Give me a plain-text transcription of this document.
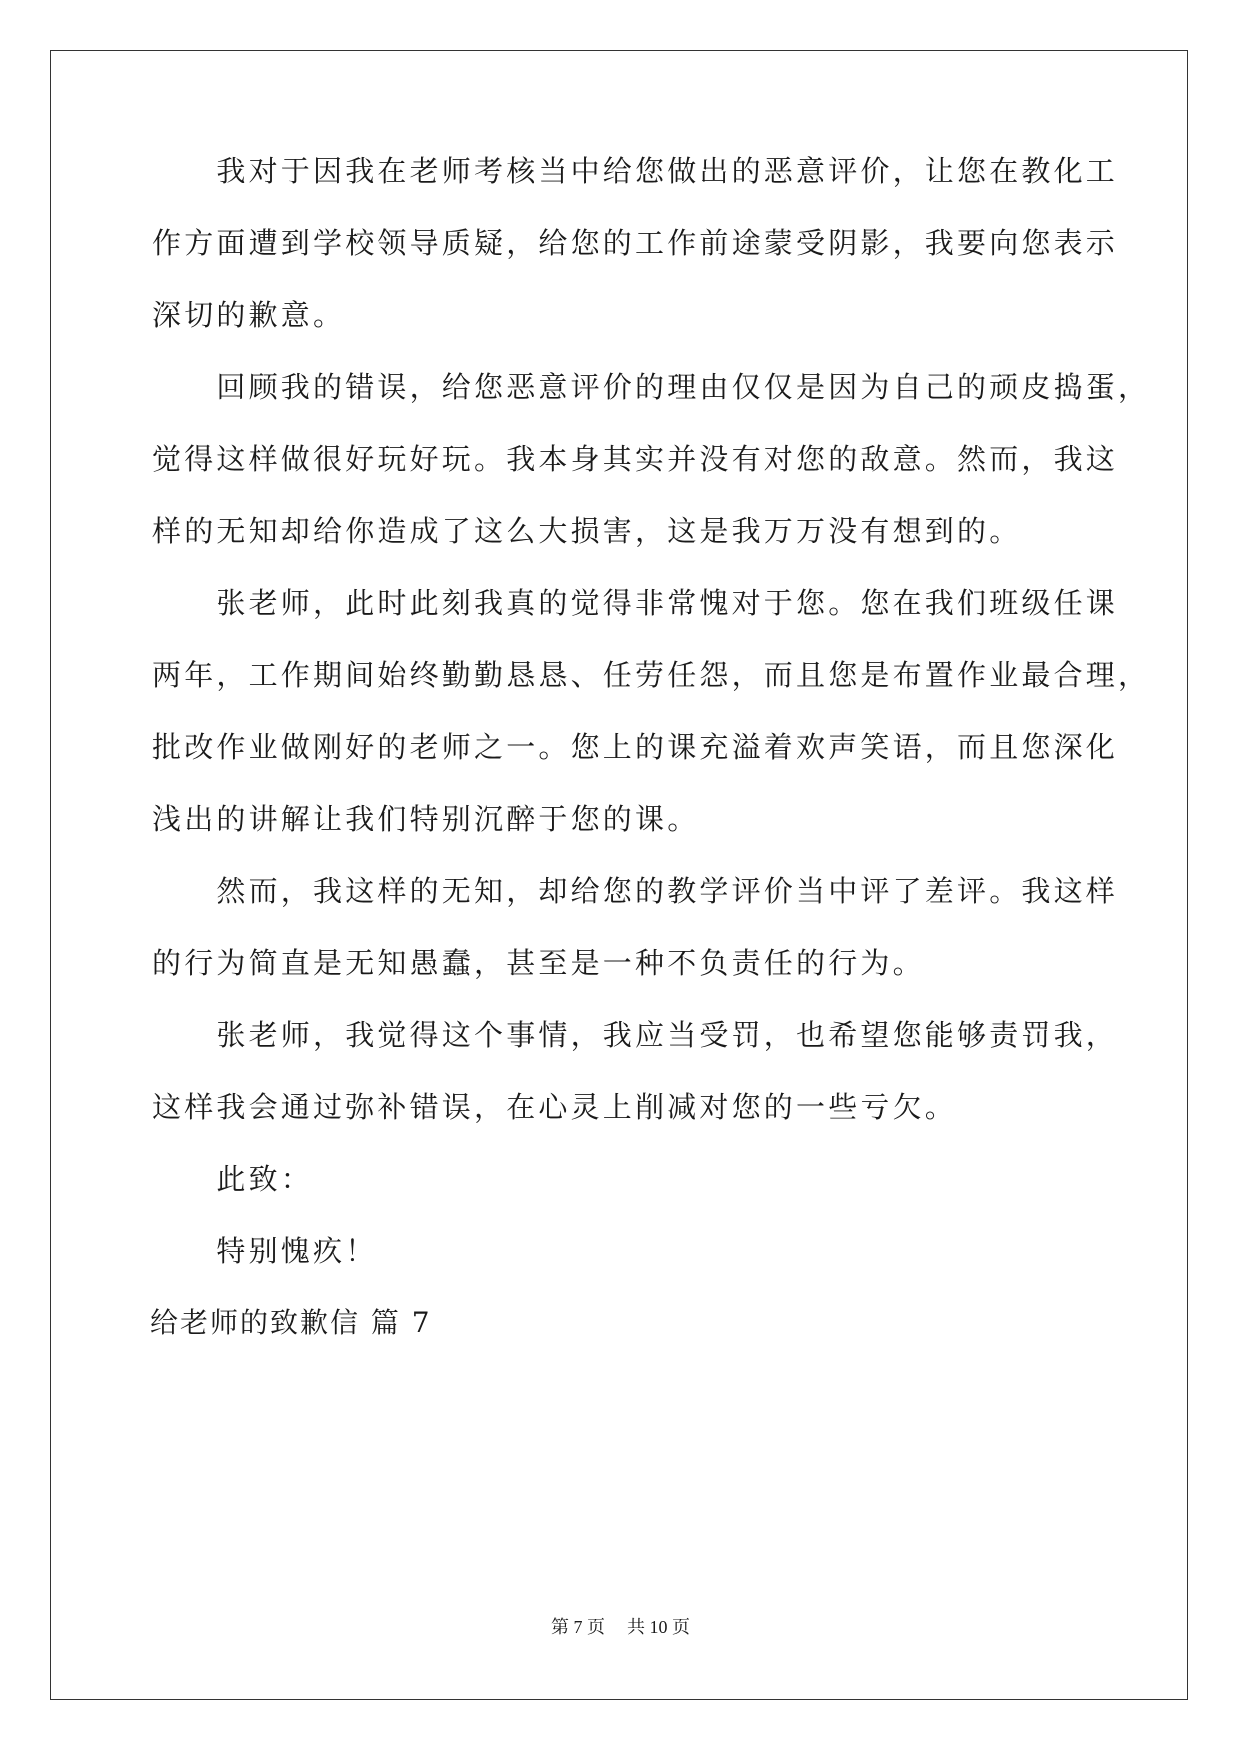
　　我对于因我在老师考核当中给您做出的恶意评价，让您在教化工
作方面遭到学校领导质疑，给您的工作前途蒙受阴影，我要向您表示
深切的歉意。
　　回顾我的错误，给您恶意评价的理由仅仅是因为自己的顽皮捣蛋，
觉得这样做很好玩好玩。我本身其实并没有对您的敌意。然而，我这
样的无知却给你造成了这么大损害，这是我万万没有想到的。
　　张老师，此时此刻我真的觉得非常愧对于您。您在我们班级任课
两年，工作期间始终勤勤恳恳、任劳任怨，而且您是布置作业最合理，
批改作业做刚好的老师之一。您上的课充溢着欢声笑语，而且您深化
浅出的讲解让我们特别沉醉于您的课。
　　然而，我这样的无知，却给您的教学评价当中评了差评。我这样
的行为简直是无知愚蠢，甚至是一种不负责任的行为。
　　张老师，我觉得这个事情，我应当受罚，也希望您能够责罚我，
这样我会通过弥补错误，在心灵上削减对您的一些亏欠。
　　此致：
　　特别愧疚！
给老师的致歉信 篇 7
第 7 页 共 10 页
